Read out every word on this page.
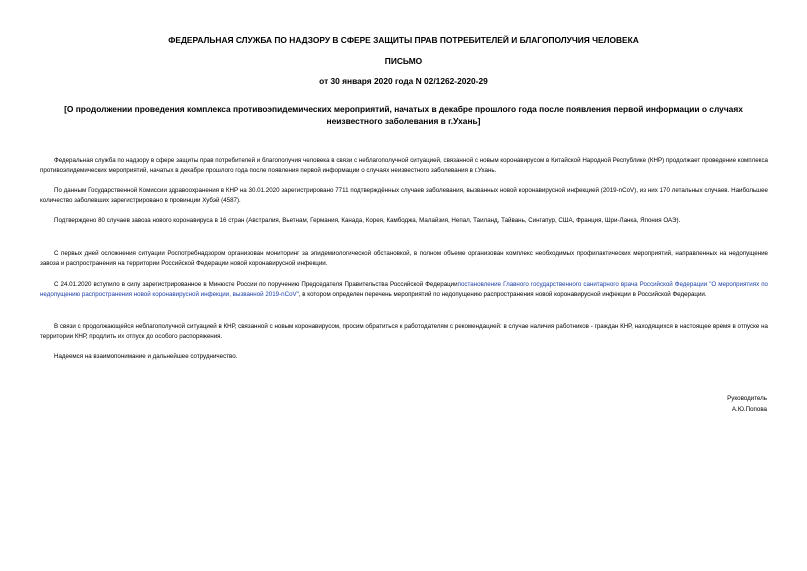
ФЕДЕРАЛЬНАЯ СЛУЖБА ПО НАДЗОРУ В СФЕРЕ ЗАЩИТЫ ПРАВ ПОТРЕБИТЕЛЕЙ И БЛАГОПОЛУЧИЯ ЧЕЛОВЕКА
ПИСЬМО
от 30 января 2020 года N 02/1262-2020-29
[О продолжении проведения комплекса противоэпидемических мероприятий, начатых в декабре прошлого года после появления первой информации о случаях неизвестного заболевания в г.Ухань]

Федеральная служба по надзору в сфере защиты прав потребителей и благополучия человека в связи с неблагополучной ситуацией, связанной с новым коронавирусом в Китайской Народной Республике (КНР) продолжает проведение комплекса противоэпидемических мероприятий, начатых в декабре прошлого года после появления первой информации о случаях неизвестного заболевания в г.Ухань.

По данным Государственной Комиссии здравоохранения в КНР на 30.01.2020 зарегистрировано 7711 подтверждённых случаев заболевания, вызванных новой коронавирусной инфекцией (2019-nCoV), из них 170 летальных случаев. Наибольшее количество заболевших зарегистрировано в провинции Хубэй (4587).

Подтверждено 80 случаев завоза нового коронавируса в 16 стран (Австралия, Вьетнам, Германия, Канада, Корея, Камбоджа, Малайзия, Непал, Таиланд, Тайвань, Сингапур, США, Франция, Шри-Ланка, Япония ОАЭ).

С первых дней осложнения ситуации Роспотребнадзором организован мониторинг за эпидемиологической обстановкой, в полном объеме организован комплекс необходимых профилактических мероприятий, направленных на недопущение завоза и распространения на территории Российской Федерации новой коронавирусной инфекции.

С 24.01.2020 вступило в силу зарегистрированное в Минюсте России по поручению Председателя Правительства Российской Федерациипостановление Главного государственного санитарного врача Российской Федерации "О мероприятиях по недопущению распространения новой коронавирусной инфекции, вызванной 2019-nCoV", в котором определен перечень мероприятий по недопущению распространения новой коронавирусной инфекции в Российской Федерации.

В связи с продолжающейся неблагополучной ситуацией в КНР, связанной с новым коронавирусом, просим обратиться к работодателям с рекомендацией: в случае наличия работников - граждан КНР, находящихся в настоящее время в отпуске на территории КНР, продлить их отпуск до особого распоряжения.

Надеемся на взаимопонимание и дальнейшее сотрудничество.

Руководитель
А.Ю.Попова
